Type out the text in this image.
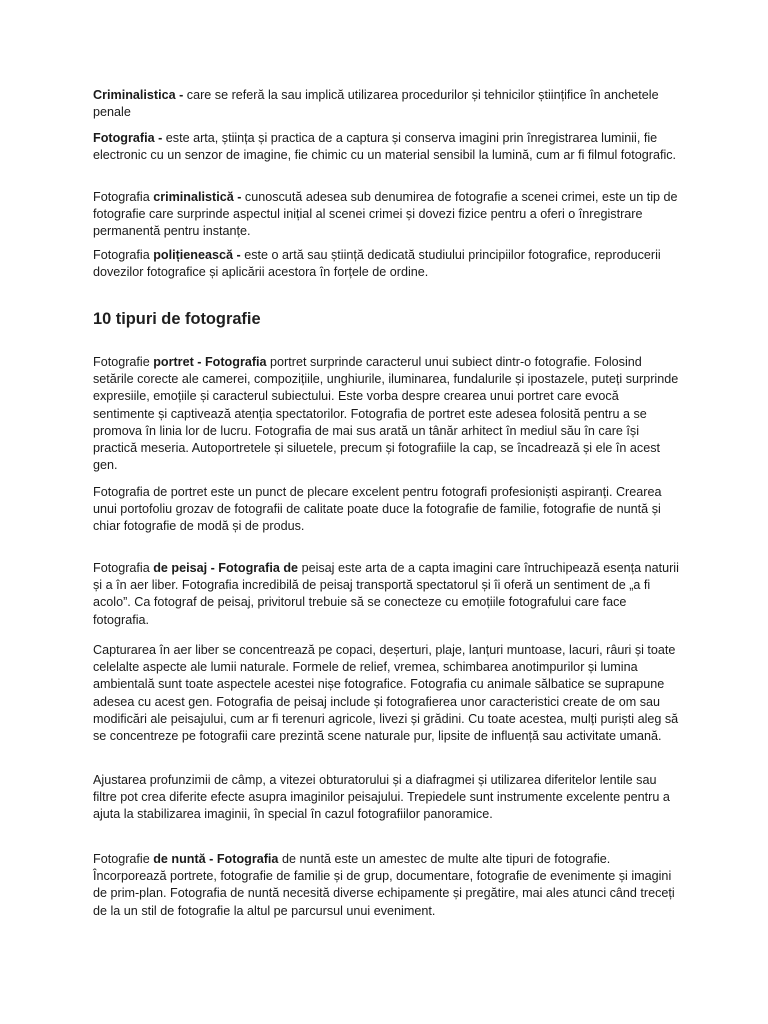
Criminalistica - care se referă la sau implică utilizarea procedurilor și tehnicilor științifice în anchetele penale

Fotografia - este arta, știința și practica de a captura și conserva imagini prin înregistrarea luminii, fie electronic cu un senzor de imagine, fie chimic cu un material sensibil la lumină, cum ar fi filmul fotografic.

Fotografia criminalistică - cunoscută adesea sub denumirea de fotografie a scenei crimei, este un tip de fotografie care surprinde aspectul inițial al scenei crimei și dovezi fizice pentru a oferi o înregistrare permanentă pentru instanțe.

Fotografia polițienească - este o artă sau știință dedicată studiului principiilor fotografice, reproducerii dovezilor fotografice și aplicării acestora în forțele de ordine.

10 tipuri de fotografie

Fotografie portret - Fotografia portret surprinde caracterul unui subiect dintr-o fotografie. Folosind setările corecte ale camerei, compozițiile, unghiurile, iluminarea, fundalurile și ipostazele, puteți surprinde expresiile, emoțiile și caracterul subiectului. Este vorba despre crearea unui portret care evocă sentimente și captivează atenția spectatorilor. Fotografia de portret este adesea folosită pentru a se promova în linia lor de lucru. Fotografia de mai sus arată un tânăr arhitect în mediul său în care își practică meseria. Autoportretele și siluetele, precum și fotografiile la cap, se încadrează și ele în acest gen.

Fotografia de portret este un punct de plecare excelent pentru fotografi profesioniști aspiranți. Crearea unui portofoliu grozav de fotografii de calitate poate duce la fotografie de familie, fotografie de nuntă și chiar fotografie de modă și de produs.

Fotografia de peisaj - Fotografia de peisaj este arta de a capta imagini care întruchipează esența naturii și a în aer liber. Fotografia incredibilă de peisaj transportă spectatorul și îi oferă un sentiment de „a fi acolo”. Ca fotograf de peisaj, privitorul trebuie să se conecteze cu emoțiile fotografului care face fotografia.

Capturarea în aer liber se concentrează pe copaci, deșerturi, plaje, lanțuri muntoase, lacuri, râuri și toate celelalte aspecte ale lumii naturale. Formele de relief, vremea, schimbarea anotimpurilor și lumina ambientală sunt toate aspectele acestei nișe fotografice. Fotografia cu animale sălbatice se suprapune adesea cu acest gen. Fotografia de peisaj include și fotografierea unor caracteristici create de om sau modificări ale peisajului, cum ar fi terenuri agricole, livezi și grădini. Cu toate acestea, mulți puriști aleg să se concentreze pe fotografii care prezintă scene naturale pur, lipsite de influență sau activitate umană.

Ajustarea profunzimii de câmp, a vitezei obturatorului și a diafragmei și utilizarea diferitelor lentile sau filtre pot crea diferite efecte asupra imaginilor peisajului. Trepiedele sunt instrumente excelente pentru a ajuta la stabilizarea imaginii, în special în cazul fotografiilor panoramice.

Fotografie de nuntă - Fotografia de nuntă este un amestec de multe alte tipuri de fotografie. Încorporează portrete, fotografie de familie și de grup, documentare, fotografie de evenimente și imagini de prim-plan. Fotografia de nuntă necesită diverse echipamente și pregătire, mai ales atunci când treceți de la un stil de fotografie la altul pe parcursul unui eveniment.
